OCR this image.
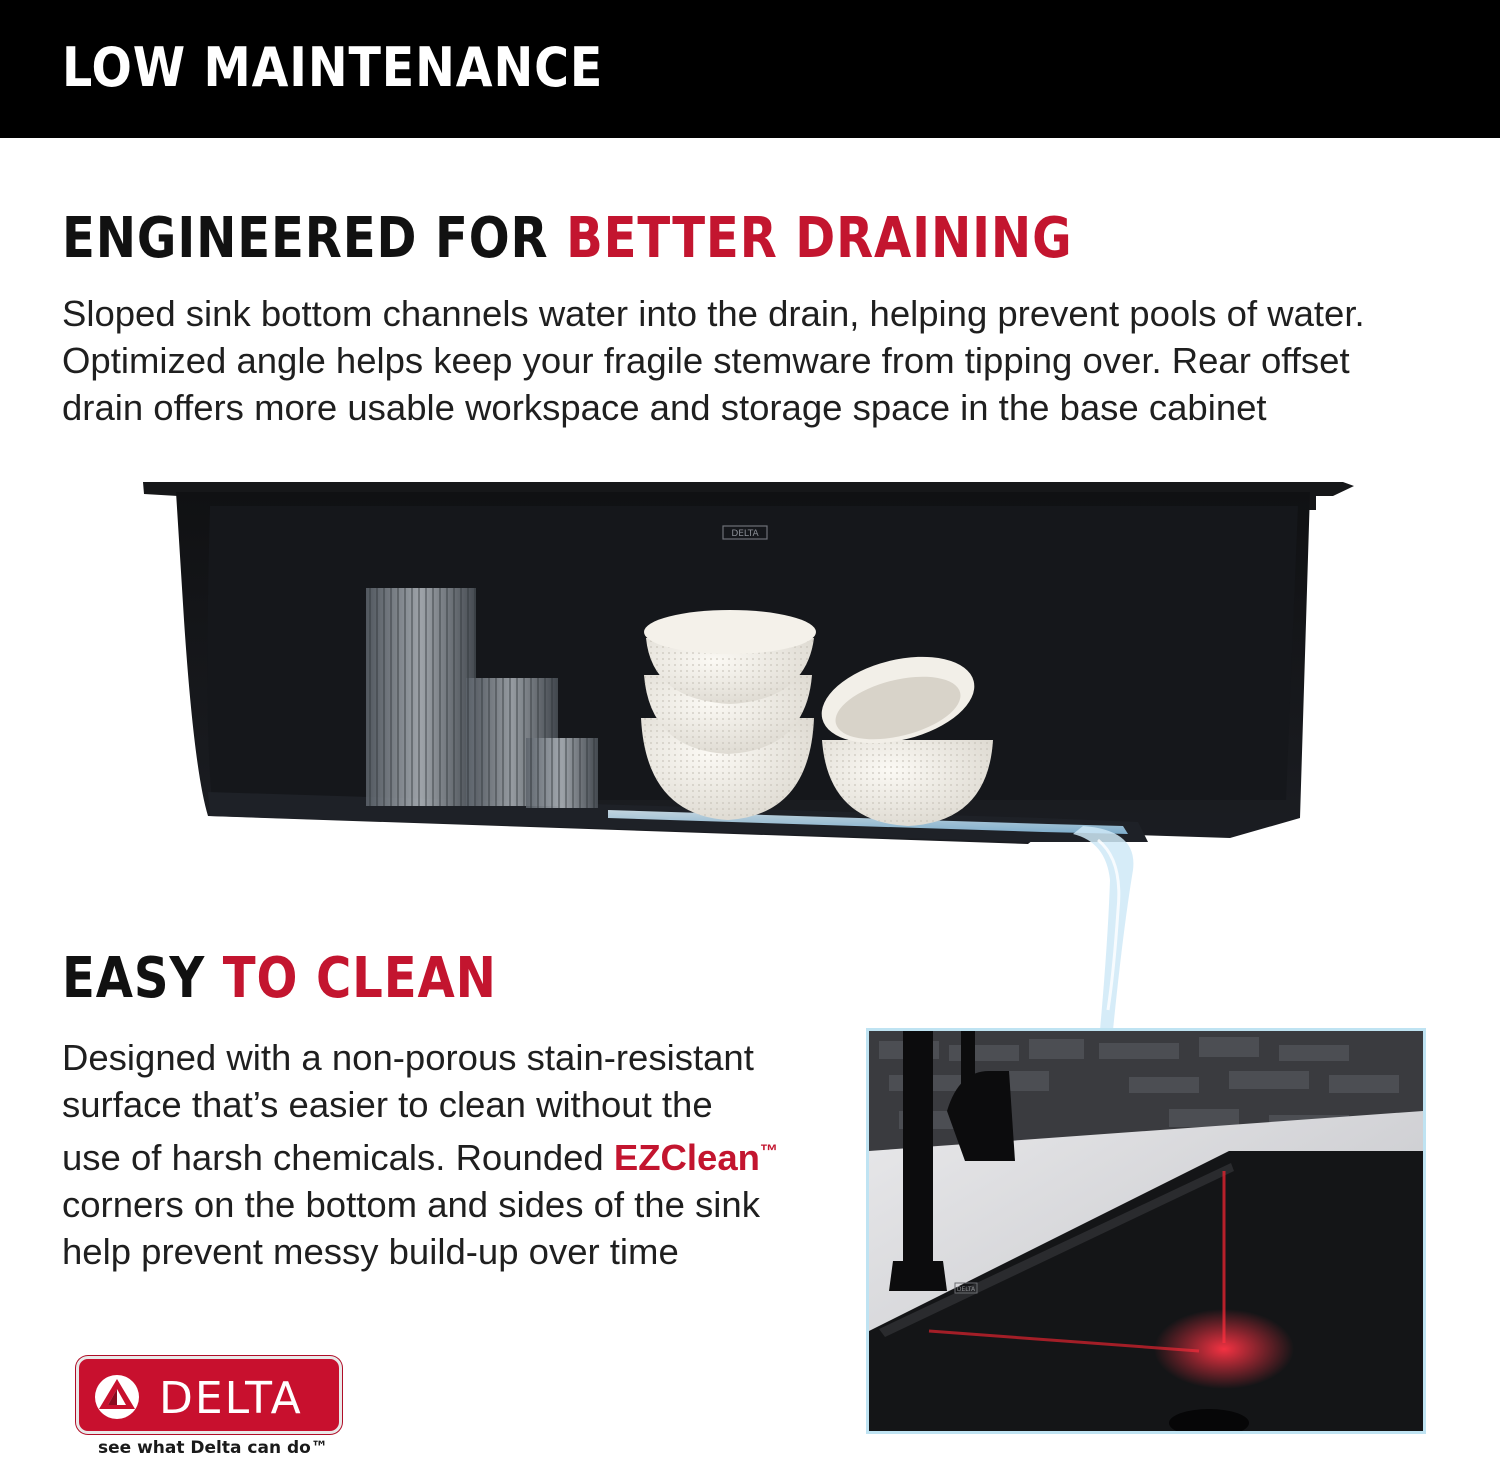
LOW MAINTENANCE
ENGINEERED FOR BETTER DRAINING
Sloped sink bottom channels water into the drain, helping prevent pools of water.
Optimized angle helps keep your fragile stemware from tipping over. Rear offset
drain offers more usable workspace and storage space in the base cabinet
DELTA
EASY TO CLEAN
Designed with a non-porous stain-resistant
surface that’s easier to clean without the
use of harsh chemicals. Rounded EZClean™
corners on the bottom and sides of the sink
help prevent messy build-up over time
DELTA
DELTA
see what Delta can do™
